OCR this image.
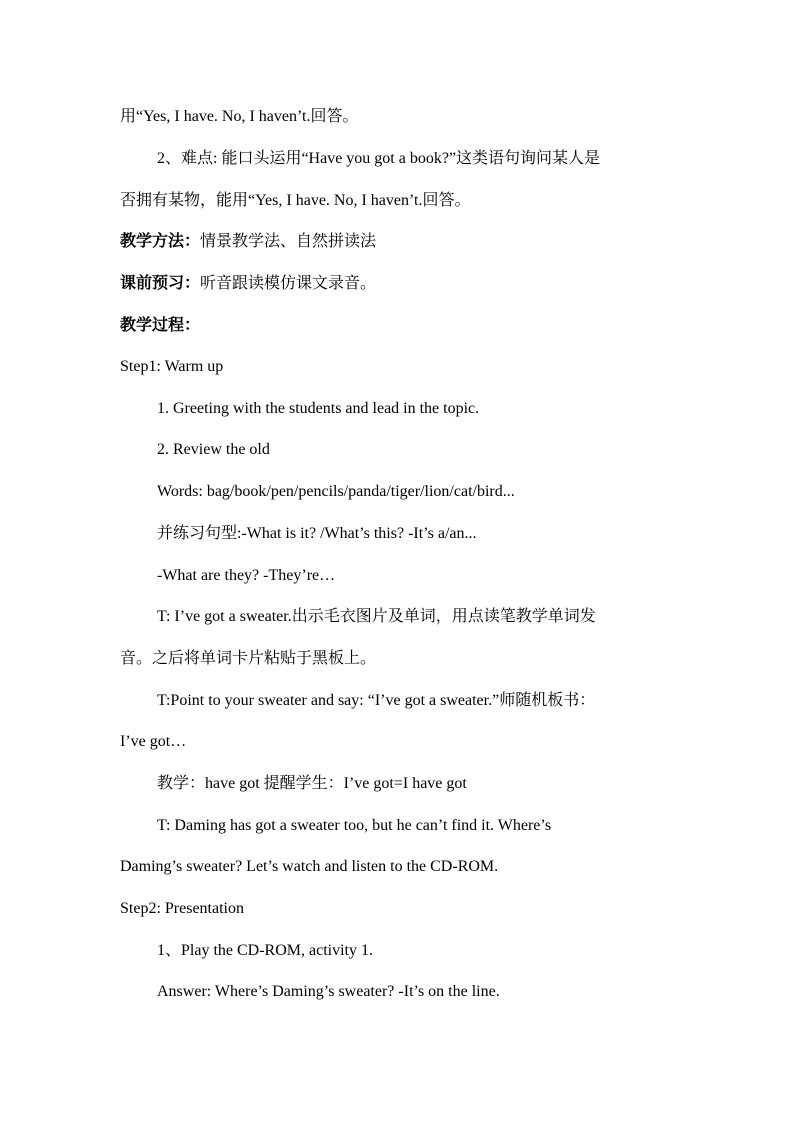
用“Yes, I have. No, I haven’t.回答。
2、难点: 能口头运用“Have you got a book?”这类语句询问某人是
否拥有某物，能用“Yes, I have. No, I haven’t.回答。
教学方法：情景教学法、自然拼读法
课前预习：听音跟读模仿课文录音。
教学过程：
Step1: Warm up
1. Greeting with the students and lead in the topic.
2. Review the old
Words: bag/book/pen/pencils/panda/tiger/lion/cat/bird...
并练习句型:-What is it? /What’s this? -It’s a/an...
-What are they? -They’re…
T: I’ve got a sweater.出示毛衣图片及单词，用点读笔教学单词发
音。之后将单词卡片粘贴于黑板上。
T:Point to your sweater and say: “I’ve got a sweater.”师随机板书：
I’ve got…
教学：have got 提醒学生：I’ve got=I have got
T: Daming has got a sweater too, but he can’t find it. Where’s
Daming’s sweater? Let’s watch and listen to the CD-ROM.
Step2: Presentation
1、Play the CD-ROM, activity 1.
Answer: Where’s Daming’s sweater? -It’s on the line.
